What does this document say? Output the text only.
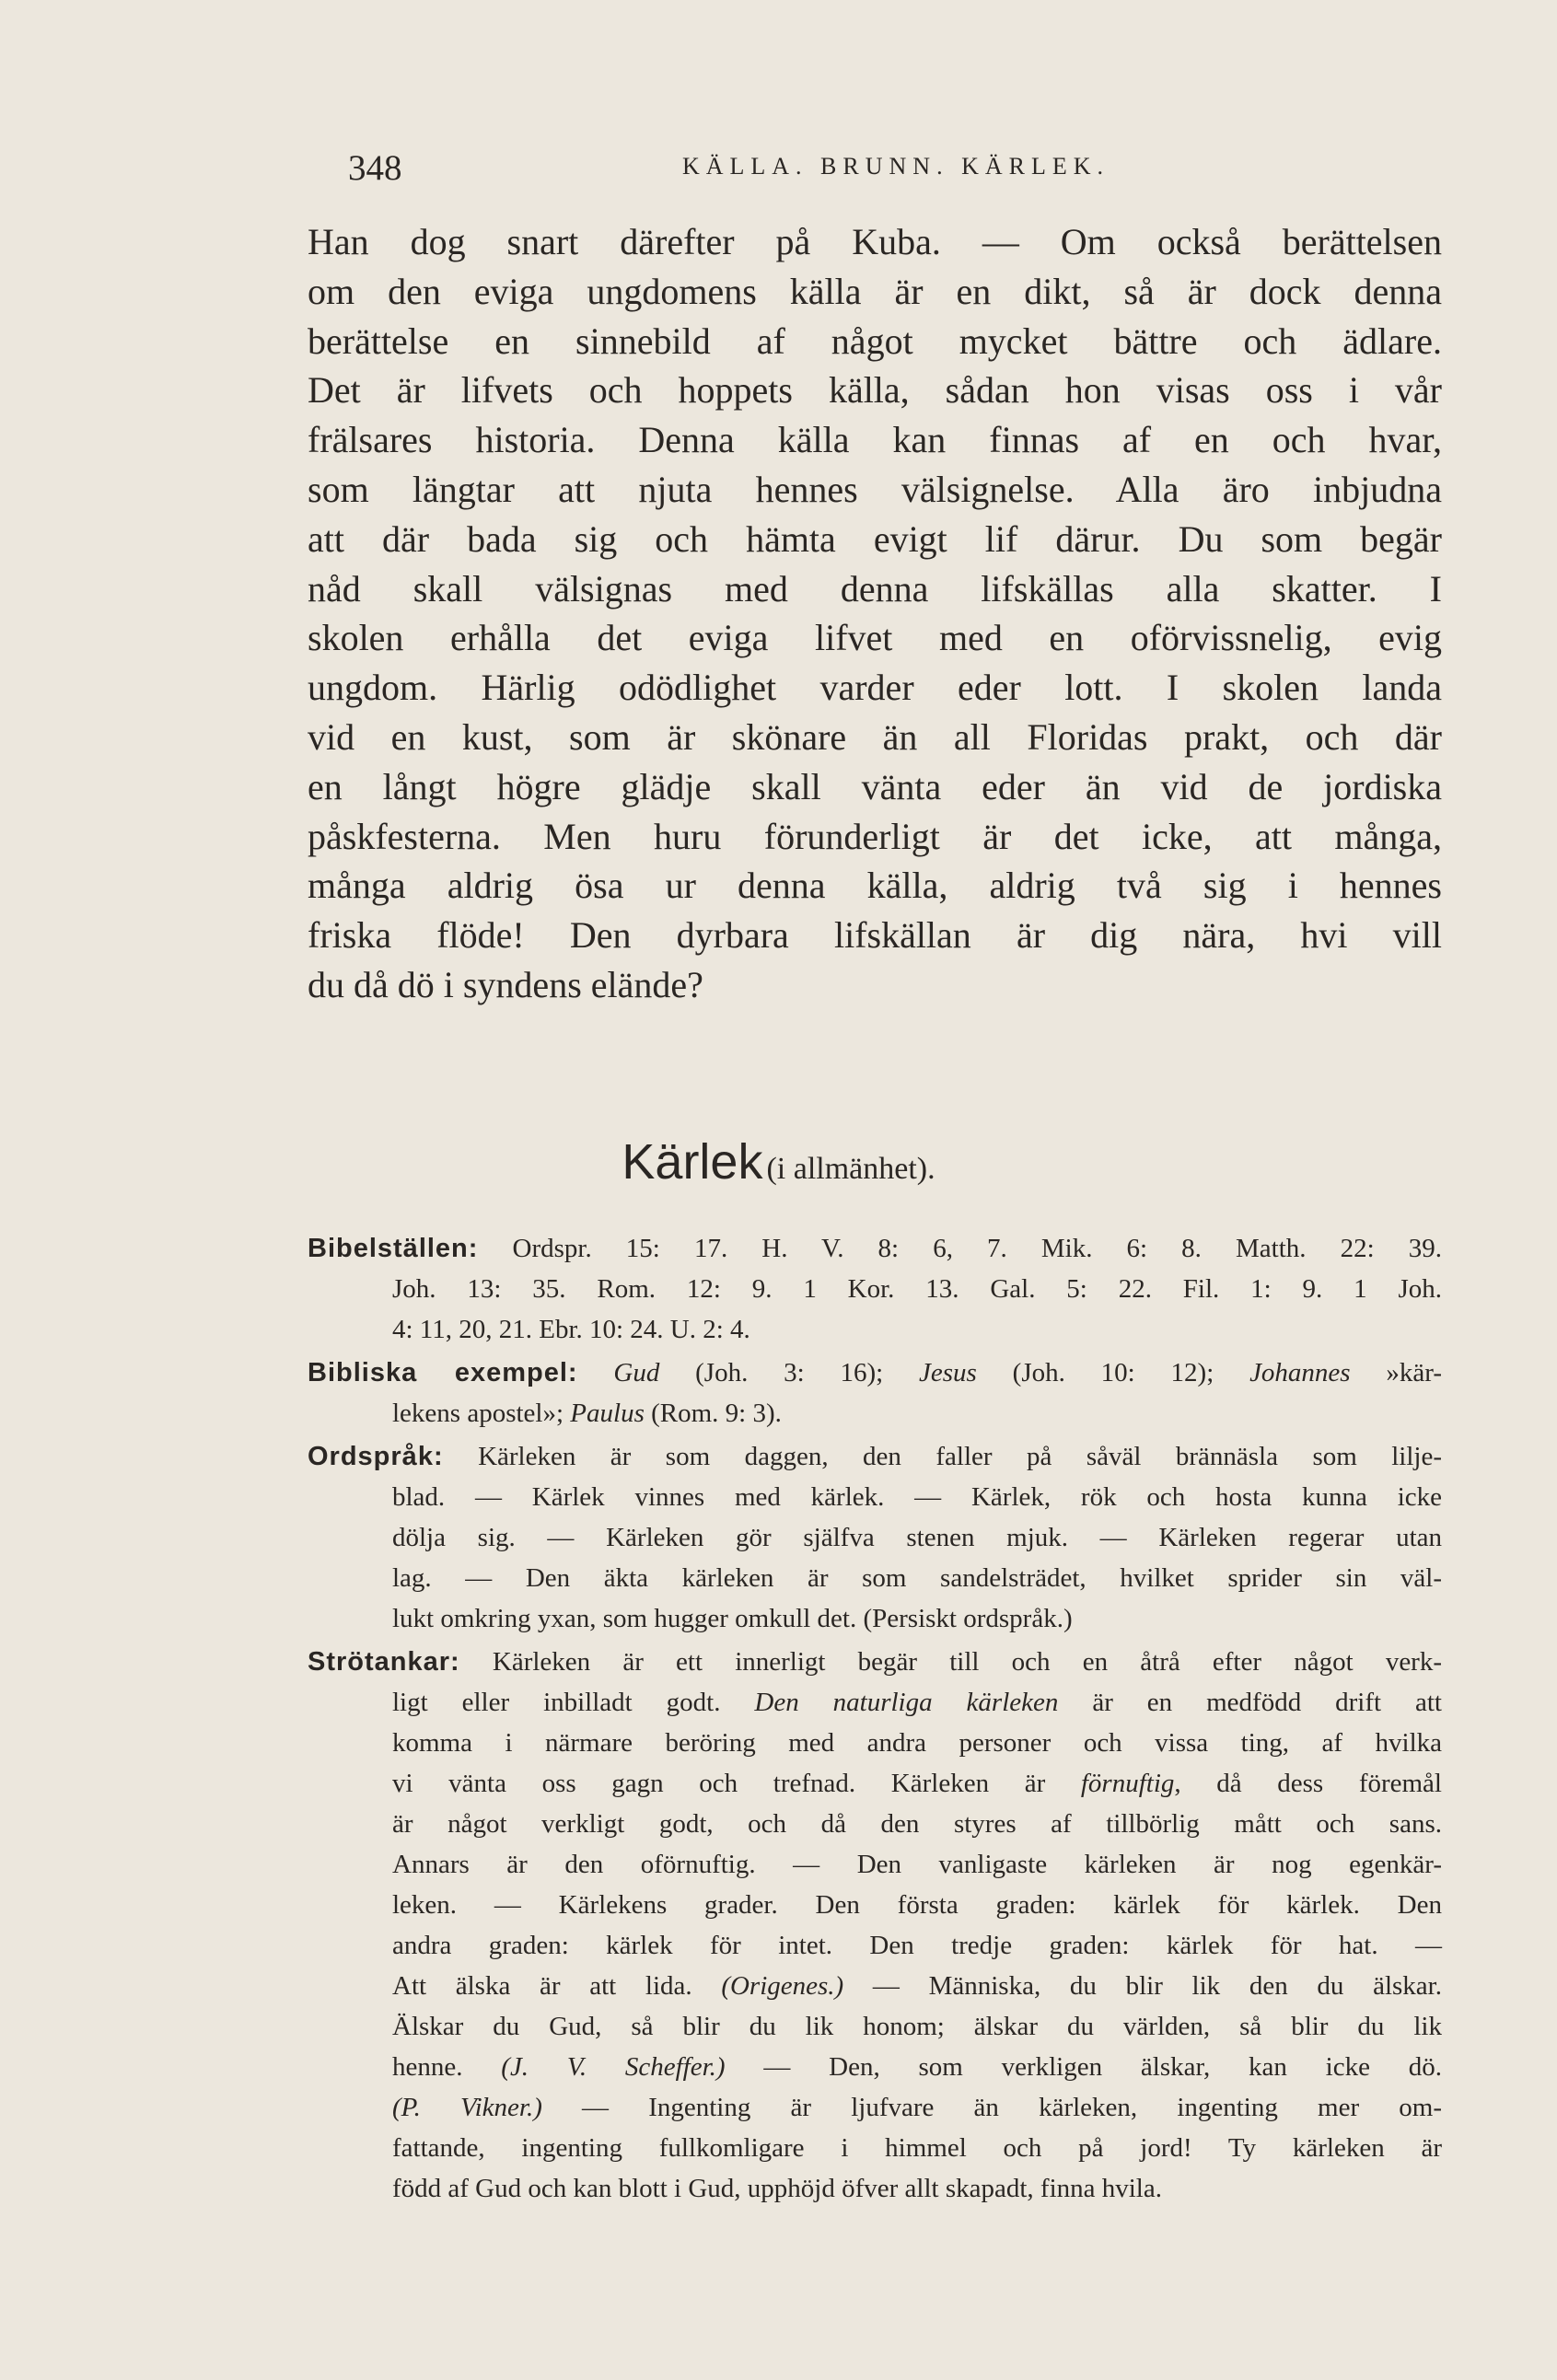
348	KÄLLA. BRUNN. KÄRLEK.
Han dog snart därefter på Kuba. — Om också berättelsen
om den eviga ungdomens källa är en dikt, så är dock denna
berättelse en sinnebild af något mycket bättre och ädlare.
Det är lifvets och hoppets källa, sådan hon visas oss i vår
frälsares historia. Denna källa kan finnas af en och hvar,
som längtar att njuta hennes välsignelse. Alla äro inbjudna
att där bada sig och hämta evigt lif därur. Du som begär
nåd skall välsignas med denna lifskällas alla skatter. I
skolen erhålla det eviga lifvet med en oförvissnelig, evig
ungdom. Härlig odödlighet varder eder lott. I skolen landa
vid en kust, som är skönare än all Floridas prakt, och där
en långt högre glädje skall vänta eder än vid de jordiska
påskfesterna. Men huru förunderligt är det icke, att många,
många aldrig ösa ur denna källa, aldrig två sig i hennes
friska flöde! Den dyrbara lifskällan är dig nära, hvi vill
du då dö i syndens elände?
Kärlek (i allmänhet).
Bibelställen: Ordspr. 15: 17. H. V. 8: 6, 7. Mik. 6: 8. Matth. 22: 39.
Joh. 13: 35. Rom. 12: 9. 1 Kor. 13. Gal. 5: 22. Fil. 1: 9. 1 Joh.
4: 11, 20, 21. Ebr. 10: 24. U. 2: 4.
Bibliska exempel: Gud (Joh. 3: 16); Jesus (Joh. 10: 12); Johannes »kär-
lekens apostel»; Paulus (Rom. 9: 3).
Ordspråk: Kärleken är som daggen, den faller på såväl brännäsla som lilje-
blad. — Kärlek vinnes med kärlek. — Kärlek, rök och hosta kunna icke
dölja sig. — Kärleken gör själfva stenen mjuk. — Kärleken regerar utan
lag. — Den äkta kärleken är som sandelsträdet, hvilket sprider sin väl-
lukt omkring yxan, som hugger omkull det. (Persiskt ordspråk.)
Strötankar: Kärleken är ett innerligt begär till och en åtrå efter något verk-
ligt eller inbilladt godt. Den naturliga kärleken är en medfödd drift att
komma i närmare beröring med andra personer och vissa ting, af hvilka
vi vänta oss gagn och trefnad. Kärleken är förnuftig, då dess föremål
är något verkligt godt, och då den styres af tillbörlig mått och sans.
Annars är den oförnuftig. — Den vanligaste kärleken är nog egenkär-
leken. — Kärlekens grader. Den första graden: kärlek för kärlek. Den
andra graden: kärlek för intet. Den tredje graden: kärlek för hat. —
Att älska är att lida. (Origenes.) — Människa, du blir lik den du älskar.
Älskar du Gud, så blir du lik honom; älskar du världen, så blir du lik
henne. (J. V. Scheffer.) — Den, som verkligen älskar, kan icke dö.
(P. Vikner.) — Ingenting är ljufvare än kärleken, ingenting mer om-
fattande, ingenting fullkomligare i himmel och på jord! Ty kärleken är
född af Gud och kan blott i Gud, upphöjd öfver allt skapadt, finna hvila.
